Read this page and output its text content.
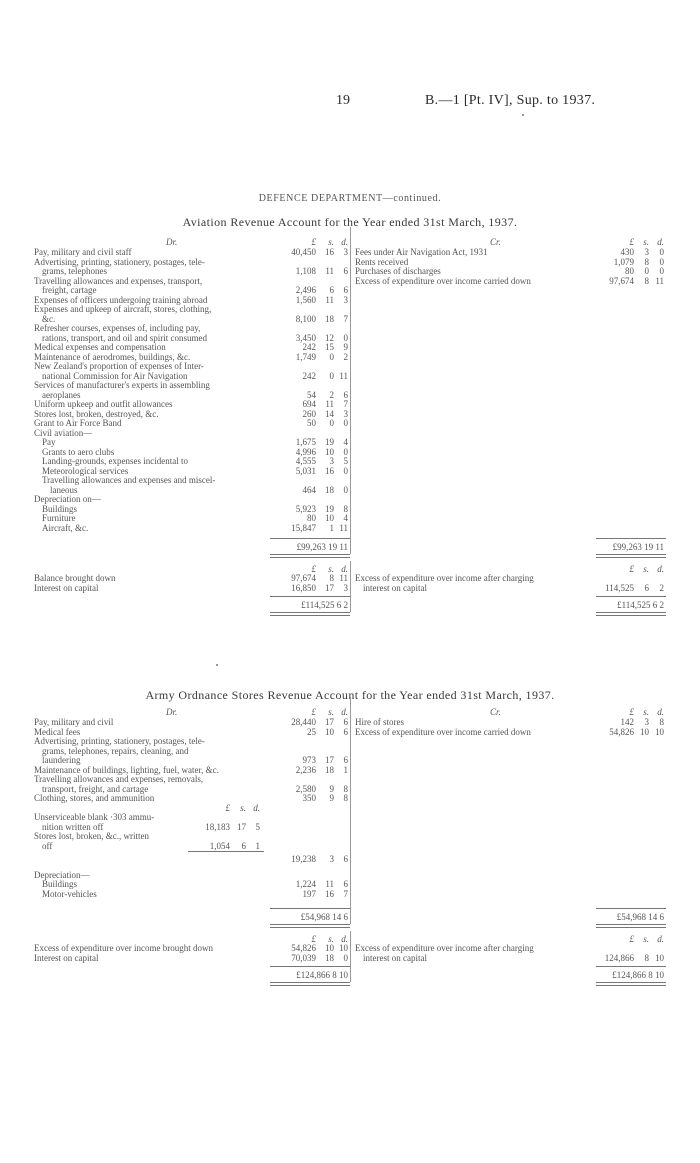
19	B.—1 [Pt. IV], Sup. to 1937.
DEFENCE DEPARTMENT—continued.
Aviation Revenue Account for the Year ended 31st March, 1937.
Dr.	Cr.
£	s. d.	£	s. d.
Pay, military and civil staff	40,450	16	3
Advertising, printing, stationery, postages, tele-
grams, telephones	1,108	11	6
Travelling allowances and expenses, transport,
freight, cartage	2,496	6	6
Expenses of officers undergoing training abroad	1,560	11	3
Expenses and upkeep of aircraft, stores, clothing,
&c.	8,100	18	7
Refresher courses, expenses of, including pay,
rations, transport, and oil and spirit consumed	3,450	12	0
Medical expenses and compensation	242	15	9
Maintenance of aerodromes, buildings, &c.	1,749	0	2
New Zealand's proportion of expenses of Inter-
national Commission for Air Navigation	242	0 11
Services of manufacturer's experts in assembling
aeroplanes	54	2	6
Uniform upkeep and outfit allowances	694	11	7
Stores lost, broken, destroyed, &c.	260	14	3
Grant to Air Force Band	50	0	0
Civil aviation—
Pay	1,675	19	4
Grants to aero clubs	4,996	10	0
Landing-grounds, expenses incidental to	4,555	3	5
Meteorological services	5,031	16	0
Travelling allowances and expenses and miscel-
laneous	464	18	0
Depreciation on—
Buildings	5,923	19	8
Furniture	80	10	4
Aircraft, &c.	15,847	1 11
Fees under Air Navigation Act, 1931	430	3	0
Rents received	1,079	8	0
Purchases of discharges	80	0	0
Excess of expenditure over income carried down	97,674	8 11
£99,263 19 11	£99,263 19 11
£	s. d.	£	s. d.
Balance brought down	97,674	8 11
Interest on capital	16,850	17	3
Excess of expenditure over income after charging
interest on capital	114,525	6	2
£114,525 6 2	£114,525 6 2
Army Ordnance Stores Revenue Account for the Year ended 31st March, 1937.
Dr.	Cr.
£	s. d.	£	s. d.
Pay, military and civil	28,440	17	6
Medical fees	25	10	6
Advertising, printing, stationery, postages, tele-
grams, telephones, repairs, cleaning, and
laundering	973	17	6
Maintenance of buildings, lighting, fuel, water, &c.	2,236	18	1
Travelling allowances and expenses, removals,
transport, freight, and cartage	2,580	9	8
Clothing, stores, and ammunition	350	9	8
£	s. d.
Unserviceable blank ·303 ammu-
nition written off	18,183 17	5
Stores lost, broken, &c., written
off	1,054	6	1
19,238	3	6
Depreciation—
Buildings	1,224	11	6
Motor-vehicles	197	16	7
Hire of stores	142	3	8
Excess of expenditure over income carried down	54,826 10 10
£54,968 14 6	£54,968 14 6
£	s. d.	£	s. d.
Excess of expenditure over income brought down	54,826	10 10
Interest on capital	70,039	18	0
Excess of expenditure over income after charging
interest on capital	124,866	8 10
£124,866 8 10	£124,866 8 10
